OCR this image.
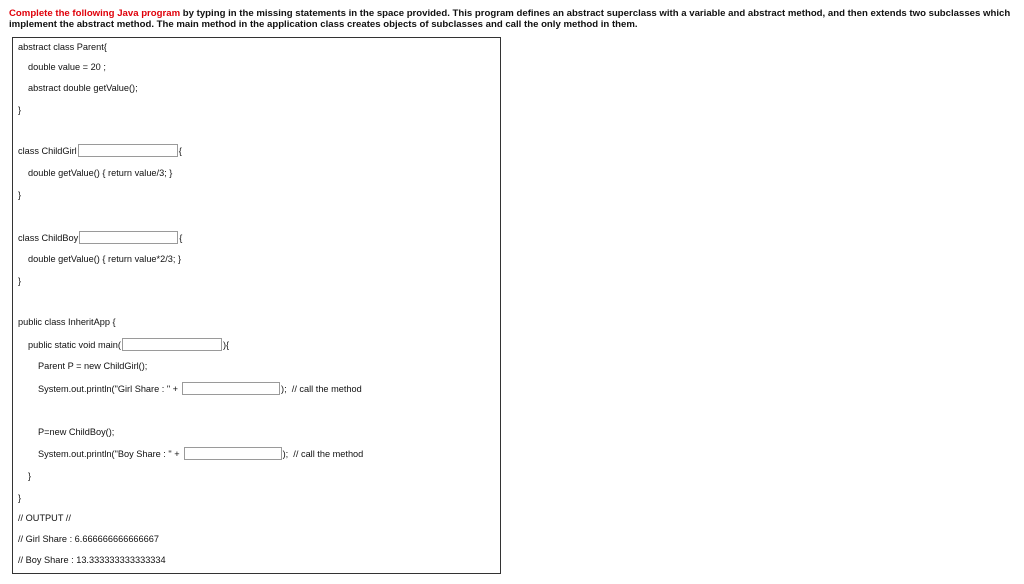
Complete the following Java program by typing in the missing statements in the space provided. This program defines an abstract superclass with a variable and abstract method, and then extends two subclasses which implement the abstract method. The main method in the application class creates objects of subclasses and call the only method in them.
abstract class Parent{
double value = 20 ;
abstract double getValue();
}
class ChildGirl	{
double getValue() { return value/3; }
}
class ChildBoy	{
double getValue() { return value*2/3; }
}
public class InheritApp {
public static void main(	){
Parent P = new ChildGirl();
System.out.println("Girl Share : " +	);  // call the method
P=new ChildBoy();
System.out.println("Boy Share : " +	);  // call the method
}
}
// OUTPUT //
// Girl Share : 6.666666666666667
// Boy Share : 13.333333333333334
